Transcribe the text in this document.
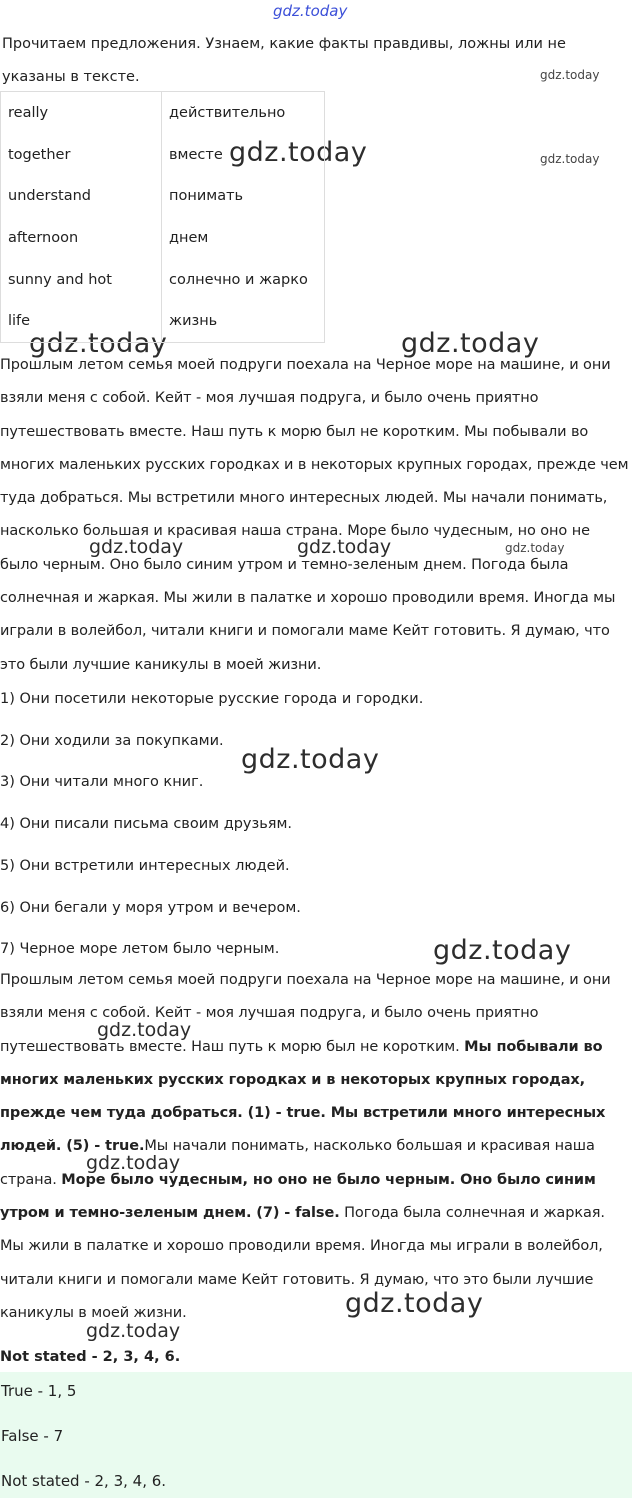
gdz.today
gdz.today
gdz.today
gdz.today
gdz.today	gdz.today
gdz.today	gdz.today	gdz.today
gdz.today
gdz.today
gdz.today
gdz.today
gdz.today
gdz.today
Прочитаем предложения. Узнаем, какие факты правдивы, ложны или не указаны в тексте.
really	действительно
together	вместе
understand	понимать
afternoon	днем
sunny and hot	солнечно и жарко
life	жизнь
Прошлым летом семья моей подруги поехала на Черное море на машине, и они взяли меня с собой. Кейт - моя лучшая подруга, и было очень приятно путешествовать вместе. Наш путь к морю был не коротким. Мы побывали во многих маленьких русских городках и в некоторых крупных городах, прежде чем туда добраться. Мы встретили много интересных людей. Мы начали понимать, насколько большая и красивая наша страна. Море было чудесным, но оно не было черным. Оно было синим утром и темно-зеленым днем. Погода была солнечная и жаркая. Мы жили в палатке и хорошо проводили время. Иногда мы играли в волейбол, читали книги и помогали маме Кейт готовить. Я думаю, что это были лучшие каникулы в моей жизни.
1) Они посетили некоторые русские города и городки.
2) Они ходили за покупками.
3) Они читали много книг.
4) Они писали письма своим друзьям.
5) Они встретили интересных людей.
6) Они бегали у моря утром и вечером.
7) Черное море летом было черным.
Прошлым летом семья моей подруги поехала на Черное море на машине, и они взяли меня с собой. Кейт - моя лучшая подруга, и было очень приятно путешествовать вместе. Наш путь к морю был не коротким. Мы побывали во многих маленьких русских городках и в некоторых крупных городах, прежде чем туда добраться. (1) - true. Мы встретили много интересных людей. (5) - true.Мы начали понимать, насколько большая и красивая наша страна. Море было чудесным, но оно не было черным. Оно было синим утром и темно-зеленым днем. (7) - false. Погода была солнечная и жаркая. Мы жили в палатке и хорошо проводили время. Иногда мы играли в волейбол, читали книги и помогали маме Кейт готовить. Я думаю, что это были лучшие каникулы в моей жизни.
Not stated - 2, 3, 4, 6.
True - 1, 5
False - 7
Not stated - 2, 3, 4, 6.
